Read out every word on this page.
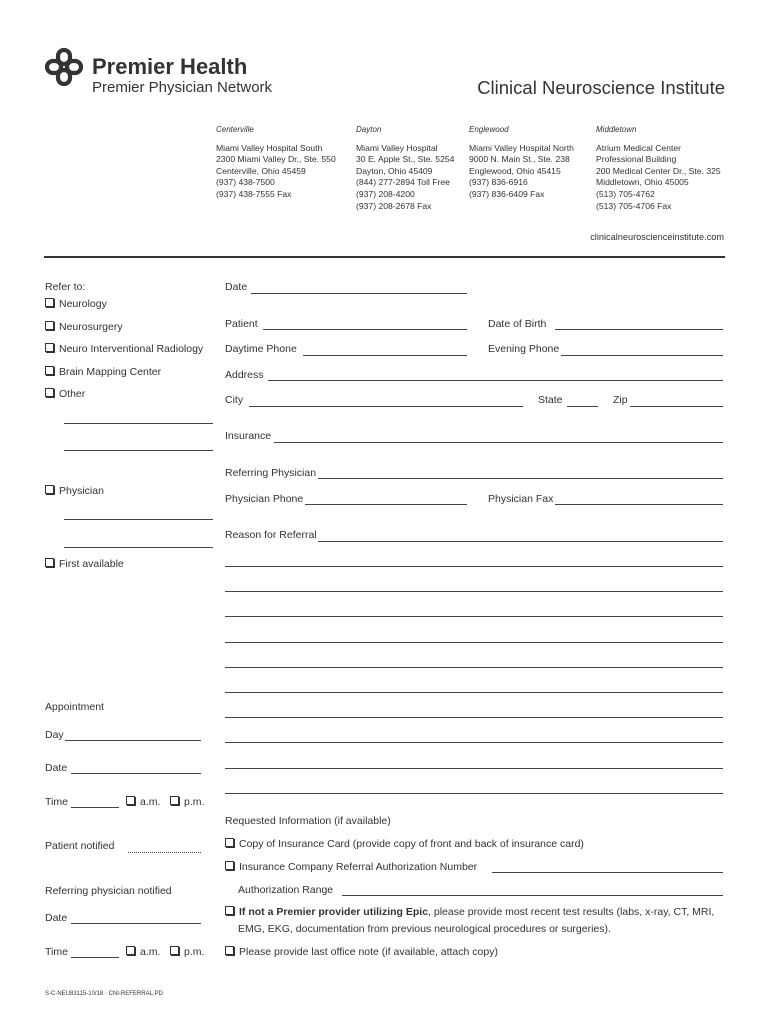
Premier Health
Premier Physician Network	Clinical Neuroscience Institute
Centerville
Miami Valley Hospital South
2300 Miami Valley Dr., Ste. 550
Centerville, Ohio 45459
(937) 438-7500
(937) 438-7555 Fax
Dayton
Miami Valley Hospital
30 E. Apple St., Ste. 5254
Dayton, Ohio 45409
(844) 277-2894 Toll Free
(937) 208-4200
(937) 208-2678 Fax
Englewood
Miami Valley Hospital North
9000 N. Main St., Ste. 238
Englewood, Ohio 45415
(937) 836-6916
(937) 836-6409 Fax
Middletown
Atrium Medical Center
Professional Building
200 Medical Center Dr., Ste. 325
Middletown, Ohio 45005
(513) 705-4762
(513) 705-4706 Fax
clinicalneuroscienceinstitute.com
Refer to:
Neurology
Neurosurgery
Neuro Interventional Radiology
Brain Mapping Center
Other
Physician
First available
Appointment
Day
Date
Time	a.m.	p.m.
Patient notified
Referring physician notified
Date
Time	a.m.	p.m.
S-C-NEU83115-10/18 · CNI-REFERRAL.PD
Date
Patient	Date of Birth
Daytime Phone	Evening Phone
Address
City	State	Zip
Insurance
Referring Physician
Physician Phone	Physician Fax
Reason for Referral
Requested Information (if available)
Copy of Insurance Card (provide copy of front and back of insurance card)
Insurance Company Referral Authorization Number
Authorization Range
If not a Premier provider utilizing Epic, please provide most recent test results (labs, x-ray, CT, MRI,
EMG, EKG, documentation from previous neurological procedures or surgeries).
Please provide last office note (if available, attach copy)
